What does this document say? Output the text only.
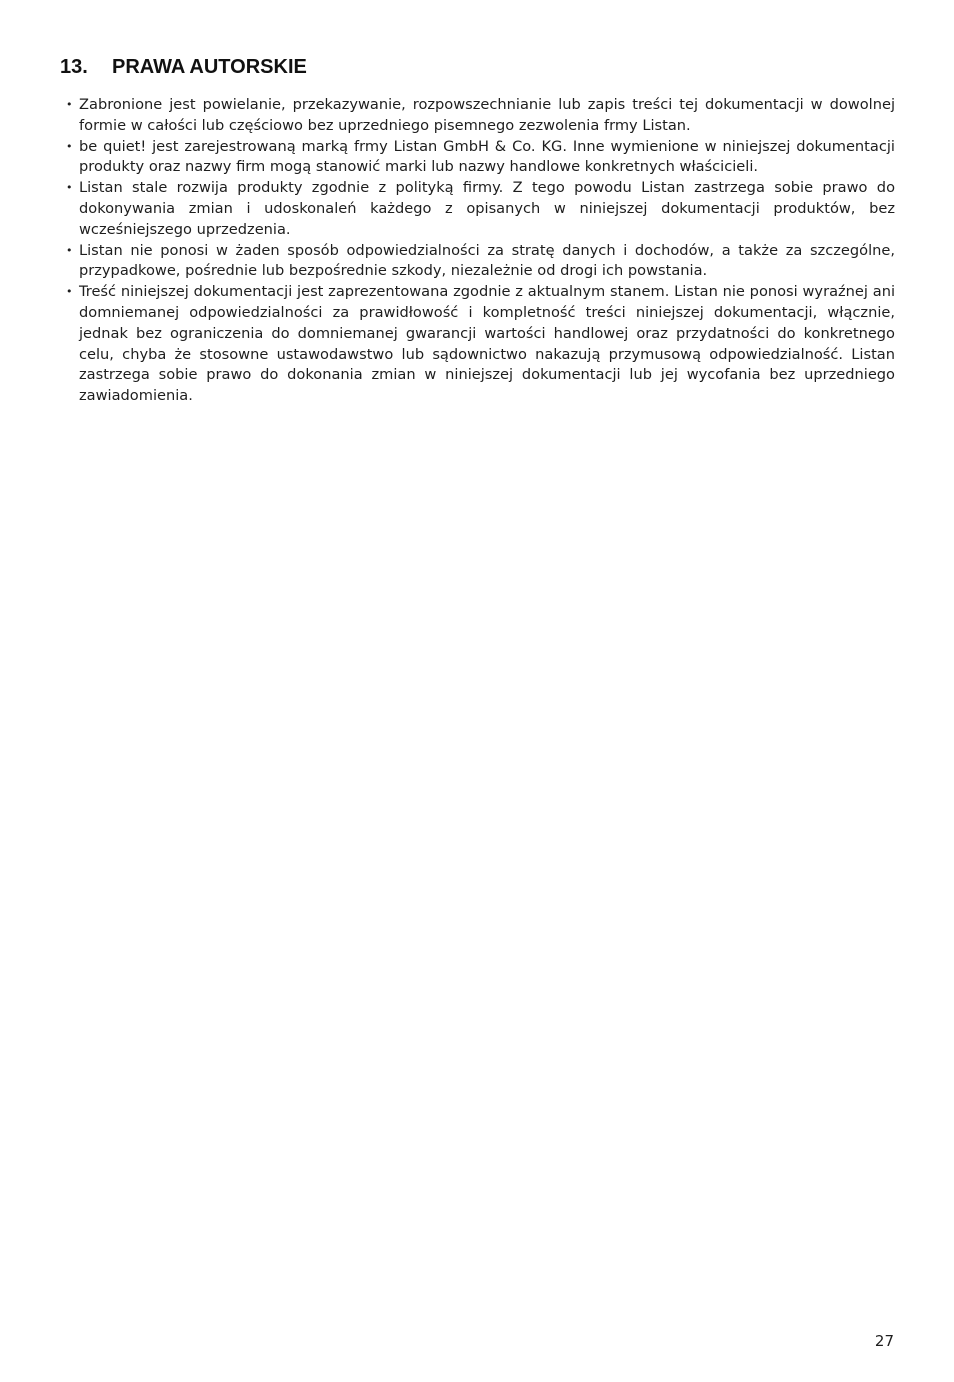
13. PRAWA AUTORSKIE
• Zabronione jest powielanie, przekazywanie, rozpowszechnianie lub zapis treści tej dokumentacji w dowolnej formie w całości lub częściowo bez uprzedniego pisemnego zezwolenia frmy Listan.
• be quiet! jest zarejestrowaną marką frmy Listan GmbH & Co. KG. Inne wymienione w niniejszej dokumentacji produkty oraz nazwy firm mogą stanowić marki lub nazwy handlowe konkretnych właścicieli.
• Listan stale rozwija produkty zgodnie z polityką firmy. Z tego powodu Listan zastrzega sobie prawo do dokonywania zmian i udoskonaleń każdego z opisanych w niniejszej dokumentacji produktów, bez wcześniejszego uprzedzenia.
• Listan nie ponosi w żaden sposób odpowiedzialności za stratę danych i dochodów, a także za szczególne, przypadkowe, pośrednie lub bezpośrednie szkody, niezależnie od drogi ich powstania.
• Treść niniejszej dokumentacji jest zaprezentowana zgodnie z aktualnym stanem. Listan nie ponosi wyraźnej ani domniemanej odpowiedzialności za prawidłowość i kompletność treści niniejszej dokumentacji, włącznie, jednak bez ograniczenia do domniemanej gwarancji wartości handlowej oraz przydatności do konkretnego celu, chyba że stosowne ustawodawstwo lub sądownictwo nakazują przymusową odpowiedzialność. Listan zastrzega sobie prawo do dokonania zmian w niniejszej dokumentacji lub jej wycofania bez uprzedniego zawiadomienia.
27
